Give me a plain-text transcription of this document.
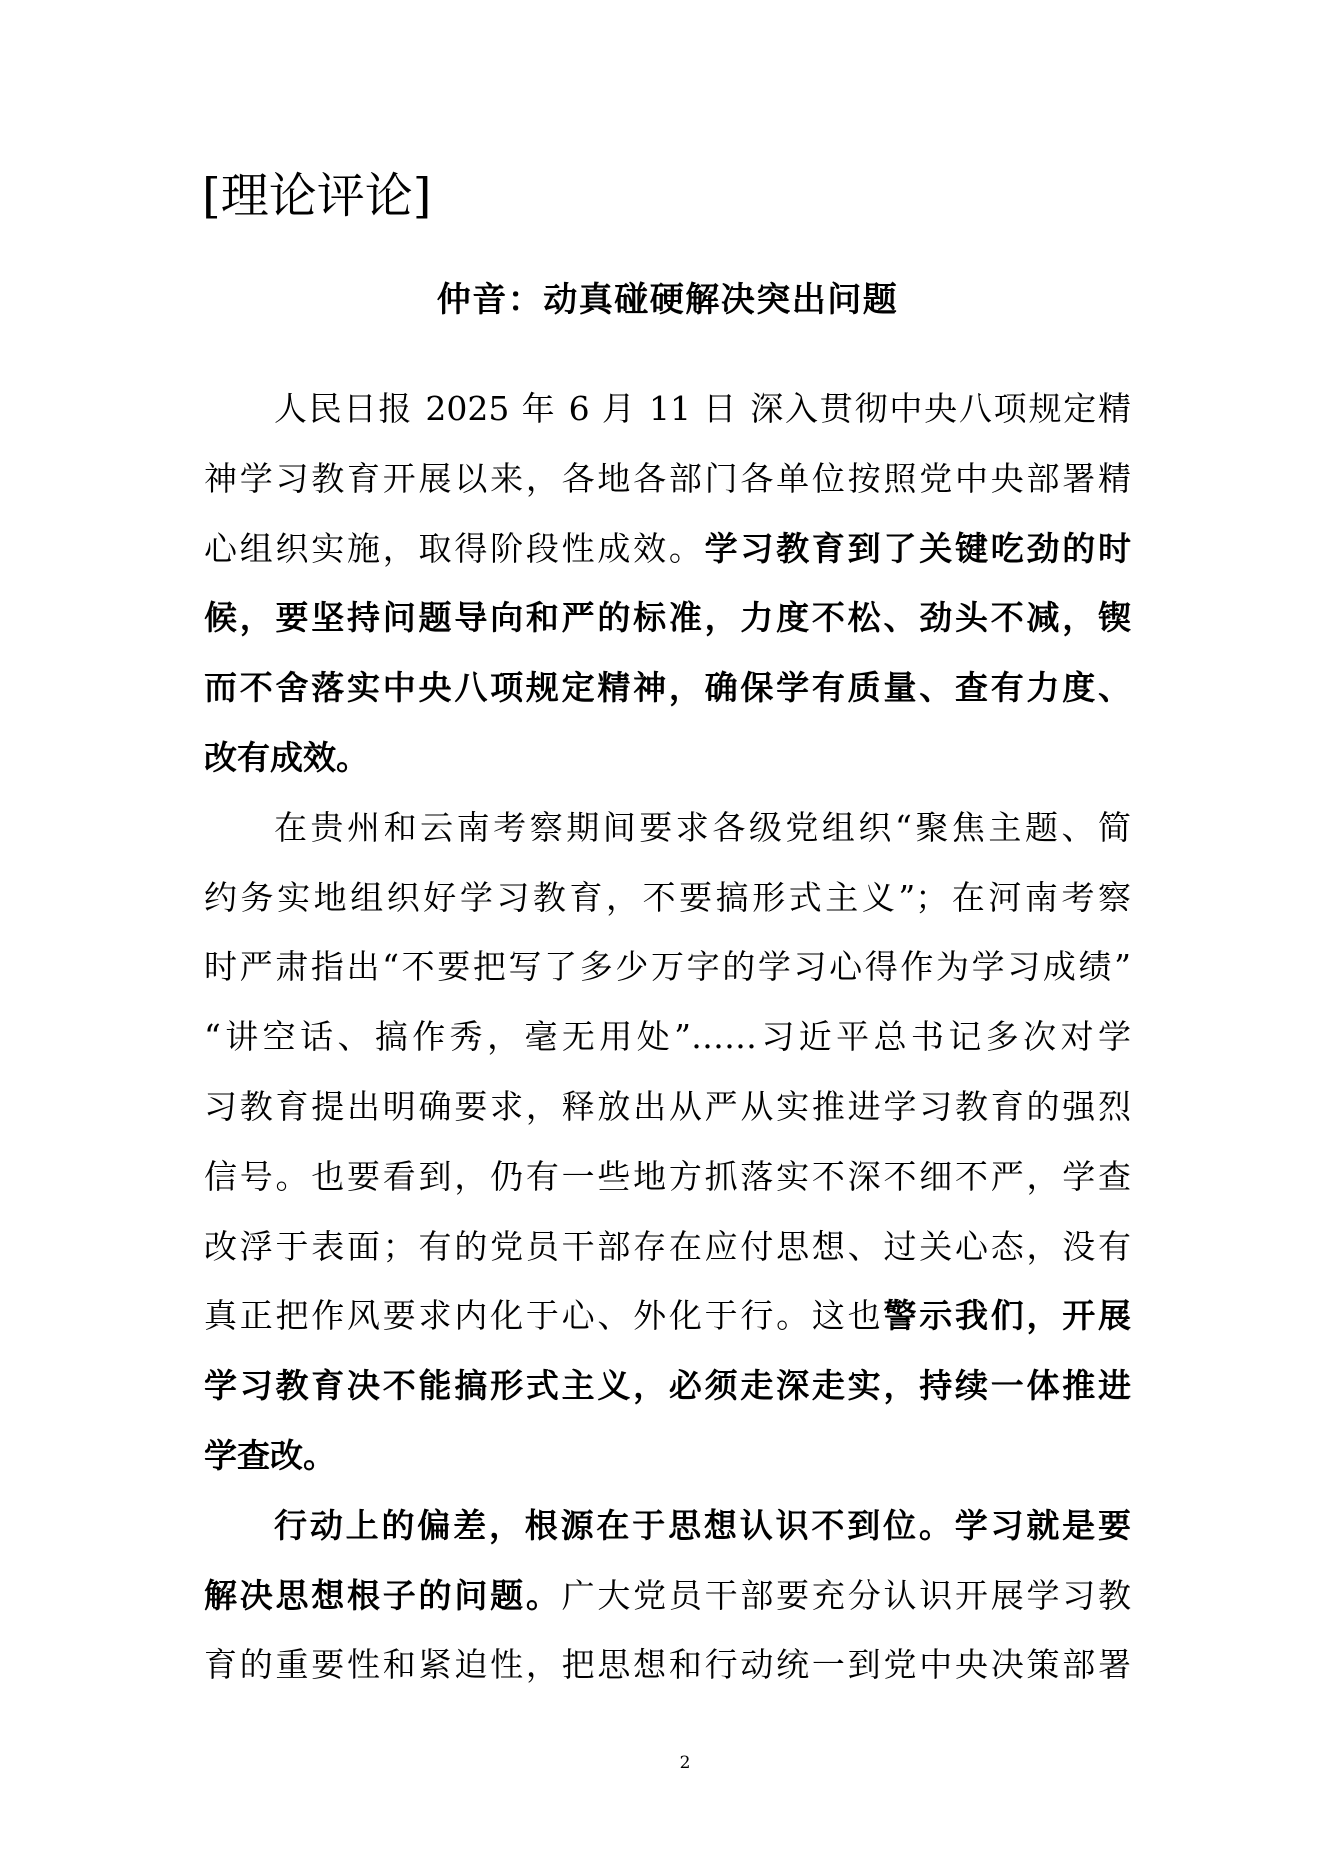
[理论评论]
仲音：动真碰硬解决突出问题
人民日报 2025 年 6 月 11 日 深入贯彻中央八项规定精
神学习教育开展以来，各地各部门各单位按照党中央部署精
心组织实施，取得阶段性成效。学习教育到了关键吃劲的时
候，要坚持问题导向和严的标准，力度不松、劲头不减，锲
而不舍落实中央八项规定精神，确保学有质量、查有力度、
改有成效。
在贵州和云南考察期间要求各级党组织“聚焦主题、简
约务实地组织好学习教育，不要搞形式主义”；在河南考察
时严肃指出“不要把写了多少万字的学习心得作为学习成绩”
“讲空话、搞作秀，毫无用处”……习近平总书记多次对学
习教育提出明确要求，释放出从严从实推进学习教育的强烈
信号。也要看到，仍有一些地方抓落实不深不细不严，学查
改浮于表面；有的党员干部存在应付思想、过关心态，没有
真正把作风要求内化于心、外化于行。这也警示我们，开展
学习教育决不能搞形式主义，必须走深走实，持续一体推进
学查改。
行动上的偏差，根源在于思想认识不到位。学习就是要
解决思想根子的问题。广大党员干部要充分认识开展学习教
育的重要性和紧迫性，把思想和行动统一到党中央决策部署
2
